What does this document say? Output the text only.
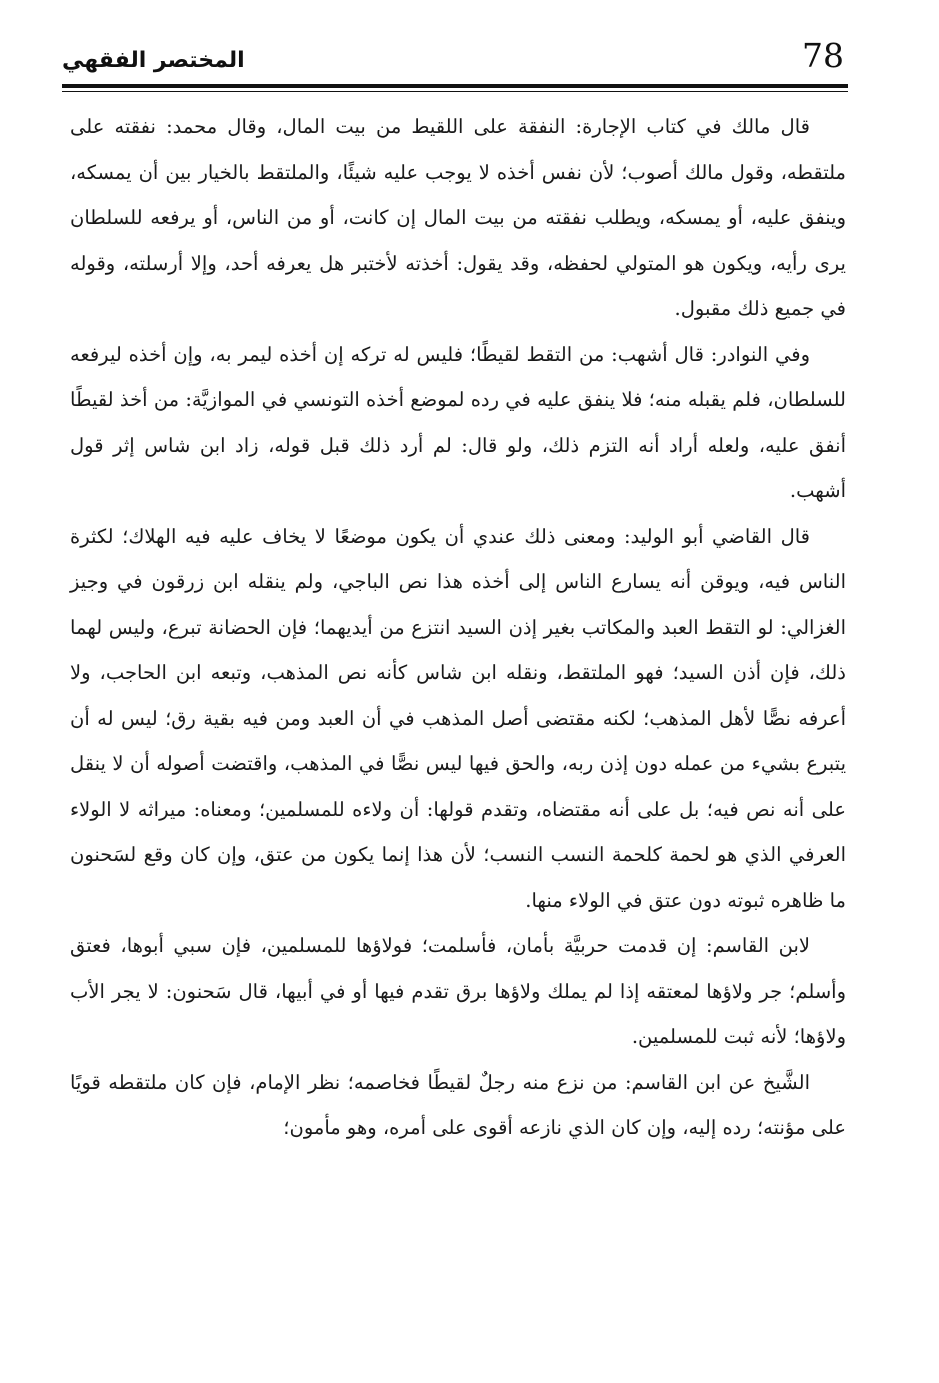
78
المختصر الفقهي

قال مالك في كتاب الإجارة: النفقة على اللقيط من بيت المال، وقال محمد: نفقته على ملتقطه، وقول مالك أصوب؛ لأن نفس أخذه لا يوجب عليه شيئًا، والملتقط بالخيار بين أن يمسكه، وينفق عليه، أو يمسكه، ويطلب نفقته من بيت المال إن كانت، أو من الناس، أو يرفعه للسلطان يرى رأيه، ويكون هو المتولي لحفظه، وقد يقول: أخذته لأختبر هل يعرفه أحد، وإلا أرسلته، وقوله في جميع ذلك مقبول.

وفي النوادر: قال أشهب: من التقط لقيطًا؛ فليس له تركه إن أخذه ليمر به، وإن أخذه ليرفعه للسلطان، فلم يقبله منه؛ فلا ينفق عليه في رده لموضع أخذه التونسي في الموازيَّة: من أخذ لقيطًا أنفق عليه، ولعله أراد أنه التزم ذلك، ولو قال: لم أرد ذلك قبل قوله، زاد ابن شاس إثر قول أشهب.

قال القاضي أبو الوليد: ومعنى ذلك عندي أن يكون موضعًا لا يخاف عليه فيه الهلاك؛ لكثرة الناس فيه، ويوقن أنه يسارع الناس إلى أخذه هذا نص الباجي، ولم ينقله ابن زرقون في وجيز الغزالي: لو التقط العبد والمكاتب بغير إذن السيد انتزع من أيديهما؛ فإن الحضانة تبرع، وليس لهما ذلك، فإن أذن السيد؛ فهو الملتقط، ونقله ابن شاس كأنه نص المذهب، وتبعه ابن الحاجب، ولا أعرفه نصًّا لأهل المذهب؛ لكنه مقتضى أصل المذهب في أن العبد ومن فيه بقية رق؛ ليس له أن يتبرع بشيء من عمله دون إذن ربه، والحق فيها ليس نصًّا في المذهب، واقتضت أصوله أن لا ينقل على أنه نص فيه؛ بل على أنه مقتضاه، وتقدم قولها: أن ولاءه للمسلمين؛ ومعناه: ميراثه لا الولاء العرفي الذي هو لحمة كلحمة النسب النسب؛ لأن هذا إنما يكون من عتق، وإن كان وقع لسَحنون ما ظاهره ثبوته دون عتق في الولاء منها.

لابن القاسم: إن قدمت حربيَّة بأمان، فأسلمت؛ فولاؤها للمسلمين، فإن سبي أبوها، فعتق وأسلم؛ جر ولاؤها لمعتقه إذا لم يملك ولاؤها برق تقدم فيها أو في أبيها، قال سَحنون: لا يجر الأب ولاؤها؛ لأنه ثبت للمسلمين.

الشَّيخ عن ابن القاسم: من نزع منه رجلٌ لقيطًا فخاصمه؛ نظر الإمام، فإن كان ملتقطه قويًا على مؤنته؛ رده إليه، وإن كان الذي نازعه أقوى على أمره، وهو مأمون؛
